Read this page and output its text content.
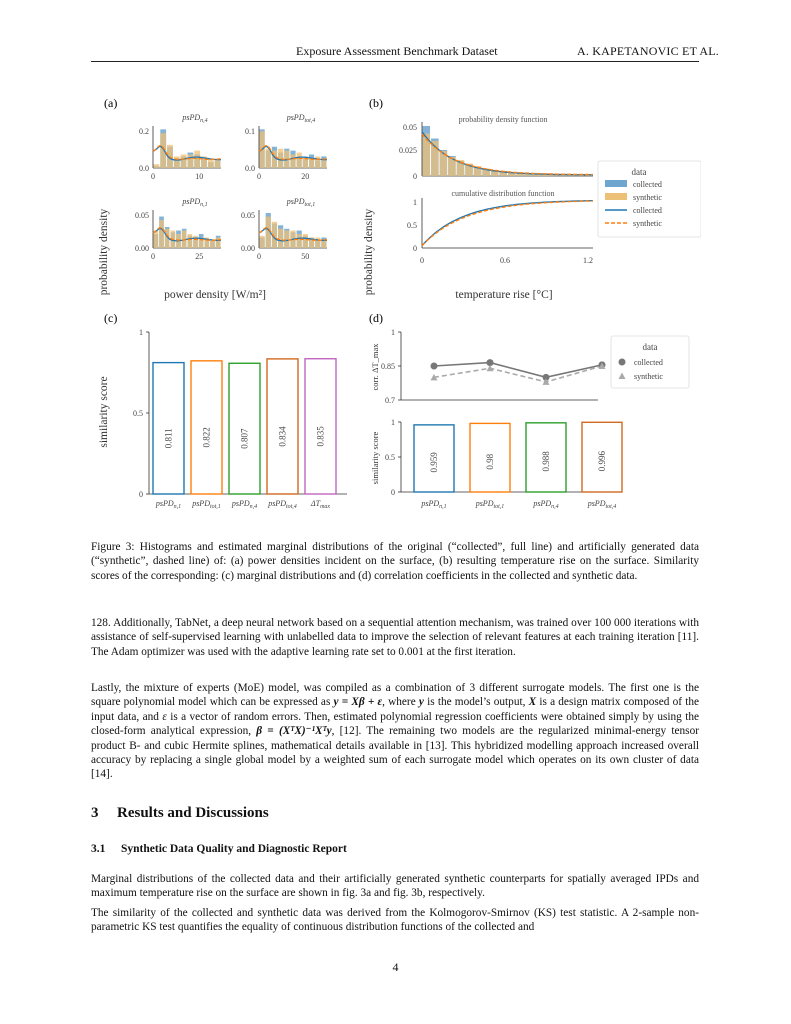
Exposure Assessment Benchmark Dataset	A. KAPETANOVIC ET AL.
(a)
probability density	power density [W/m²]
psPD$_{n,4}$
0.2
0.0
0	10
psPD$_{tot,4}$
0.1
0.0
0	20
psPD$_{n,1}$
0.05
0.00
0	25
psPD$_{tot,1}$
0.05
0.00
0	50
(b)
probability density	temperature rise [°C]
probability density function
0.05
0.025
0
cumulative distribution function
1
0.5
0
0	0.6	1.2
data
collected
synthetic
collected
synthetic
(c)
similarity score
1
0.5
0
0.811
psPD$_{n,1}$
0.822
psPD$_{tot,1}$
0.807
psPD$_{n,4}$
0.834
psPD$_{tot,4}$
0.835
$\Delta T_{max}$
(d)
corr. ΔT_max
similarity score
data
collected
synthetic
1
0.85
0.7
1
0.5
0
0.959
psPD$_{n,1}$
0.98
psPD$_{tot,1}$
0.988
psPD$_{n,4}$
0.996
psPD$_{tot,4}$
Figure 3: Histograms and estimated marginal distributions of the original (“collected”, full line) and artificially generated data (“synthetic”, dashed line) of: (a) power densities incident on the surface, (b) resulting temperature rise on the surface. Similarity scores of the corresponding: (c) marginal distributions and (d) correlation coefficients in the collected and synthetic data.

128. Additionally, TabNet, a deep neural network based on a sequential attention mechanism, was trained over 100 000 iterations with assistance of self-supervised learning with unlabelled data to improve the selection of relevant features at each training iteration [11]. The Adam optimizer was used with the adaptive learning rate set to 0.001 at the first iteration.

Lastly, the mixture of experts (MoE) model, was compiled as a combination of 3 different surrogate models. The first one is the square polynomial model which can be expressed as y = Xβ + ε, where y is the model’s output, X is a design matrix composed of the input data, and ε is a vector of random errors. Then, estimated polynomial regression coefficients were obtained simply by using the closed-form analytical expression, β = (XᵀX)⁻¹Xᵀy, [12]. The remaining two models are the regularized minimal-energy tensor product B- and cubic Hermite splines, mathematical details available in [13]. This hybridized modelling approach increased overall accuracy by replacing a single global model by a weighted sum of each surrogate model which operates on its own cluster of data [14].

3 Results and Discussions
3.1 Synthetic Data Quality and Diagnostic Report

Marginal distributions of the collected data and their artificially generated synthetic counterparts for spatially averaged IPDs and maximum temperature rise on the surface are shown in fig. 3a and fig. 3b, respectively.

The similarity of the collected and synthetic data was derived from the Kolmogorov-Smirnov (KS) test statistic. A 2-sample non-parametric KS test quantifies the equality of continuous distribution functions of the collected and

4
